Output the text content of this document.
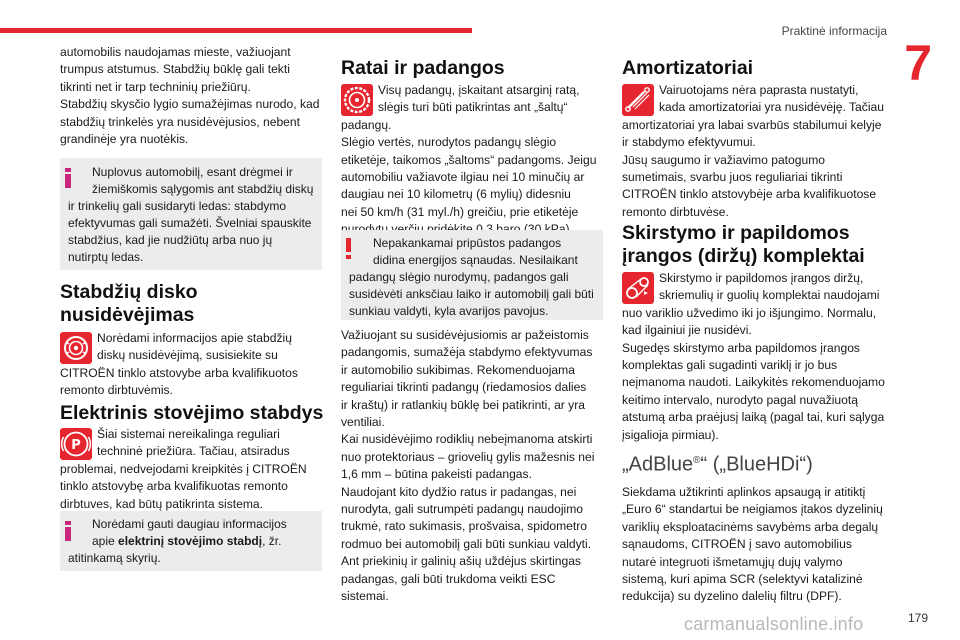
Praktinė informacija
7

automobilis naudojamas mieste, važiuojant

trumpus atstumus. Stabdžių būklę gali tekti

tikrinti net ir tarp techninių priežiūrų.

Stabdžių skysčio lygio sumažėjimas nurodo, kad

stabdžių trinkelės yra nusidėvėjusios, nebent

grandinėje yra nuotėkis.

Nuplovus automobilį, esant drėgmei ir
žiemiškomis sąlygomis ant stabdžių diskų
ir trinkelių gali susidaryti ledas: stabdymo
efektyvumas gali sumažėti. Švelniai spauskite
stabdžius, kad jie nudžiūtų arba nuo jų
nutirptų ledas.
Stabdžių disko
nusidėvėjimas

Norėdami informacijos apie stabdžių

diskų nusidėvėjimą, susisiekite su

CITROËN tinklo atstovybe arba kvalifikuotos

remonto dirbtuvėmis.

Elektrinis stovėjimo stabdys
P

Šiai sistemai nereikalinga reguliari

techninė priežiūra. Tačiau, atsiradus

problemai, nedvejodami kreipkitės į CITROËN

tinklo atstovybę arba kvalifikuotas remonto

dirbtuves, kad būtų patikrinta sistema.

Norėdami gauti daugiau informacijos
apie elektrinį stovėjimo stabdį, žr.
atitinkamą skyrių.
Ratai ir padangos

Visų padangų, įskaitant atsarginį ratą,

slėgis turi būti patikrintas ant „šaltų“

padangų.

Slėgio vertės, nurodytos padangų slėgio

etiketėje, taikomos „šaltoms“ padangoms. Jeigu

automobiliu važiavote ilgiau nei 10 minučių ar

daugiau nei 10 kilometrų (6 mylių) didesniu

nei 50 km/h (31 myl./h) greičiu, prie etiketėje

Nepakankamai pripūstos padangos
didina energijos sąnaudas. Nesilaikant
padangų slėgio nurodymų, padangos gali
susidėvėti anksčiau laiko ir automobilį gali būti
sunkiau valdyti, kyla avarijos pavojus.

Važiuojant su susidėvėjusiomis ar pažeistomis

padangomis, sumažėja stabdymo efektyvumas

ir automobilio sukibimas. Rekomenduojama

reguliariai tikrinti padangų (riedamosios dalies

ir kraštų) ir ratlankių būklę bei patikrinti, ar yra

ventiliai.

Kai nusidėvėjimo rodiklių nebeįmanoma atskirti

nuo protektoriaus – griovelių gylis mažesnis nei

1,6 mm – būtina pakeisti padangas.

Naudojant kito dydžio ratus ir padangas, nei

nurodyta, gali sutrumpėti padangų naudojimo

trukmė, rato sukimasis, prošvaisa, spidometro

rodmuo bei automobilį gali būti sunkiau valdyti.

Ant priekinių ir galinių ašių uždėjus skirtingas

padangas, gali būti trukdoma veikti ESC

sistemai.

Amortizatoriai

Vairuotojams nėra paprasta nustatyti,

kada amortizatoriai yra nusidėvėję. Tačiau

amortizatoriai yra labai svarbūs stabilumui kelyje

ir stabdymo efektyvumui.

Jūsų saugumo ir važiavimo patogumo

sumetimais, svarbu juos reguliariai tikrinti

CITROËN tinklo atstovybėje arba kvalifikuotose

remonto dirbtuvėse.

Skirstymo ir papildomos
įrangos (diržų) komplektai

Skirstymo ir papildomos įrangos diržų,

skriemulių ir guolių komplektai naudojami

nuo variklio užvedimo iki jo išjungimo. Normalu,

kad ilgainiui jie nusidėvi.

Sugedęs skirstymo arba papildomos įrangos

komplektas gali sugadinti variklį ir jo bus

neįmanoma naudoti. Laikykitės rekomenduojamo

keitimo intervalo, nurodyto pagal nuvažiuotą

atstumą arba praėjusį laiką (pagal tai, kuri sąlyga

įsigalioja pirmiau).

„AdBlue®“ („BlueHDi“)

Siekdama užtikrinti aplinkos apsaugą ir atitiktį

„Euro 6“ standartui be neigiamos įtakos dyzelinių

variklių eksploatacinėms savybėms arba degalų

sąnaudoms, CITROËN į savo automobilius

nutarė integruoti išmetamųjų dujų valymo

sistemą, kuri apima SCR (selektyvi katalizinė

redukcija) su dyzelino dalelių filtru (DPF).

179
carmanualsonline.info
